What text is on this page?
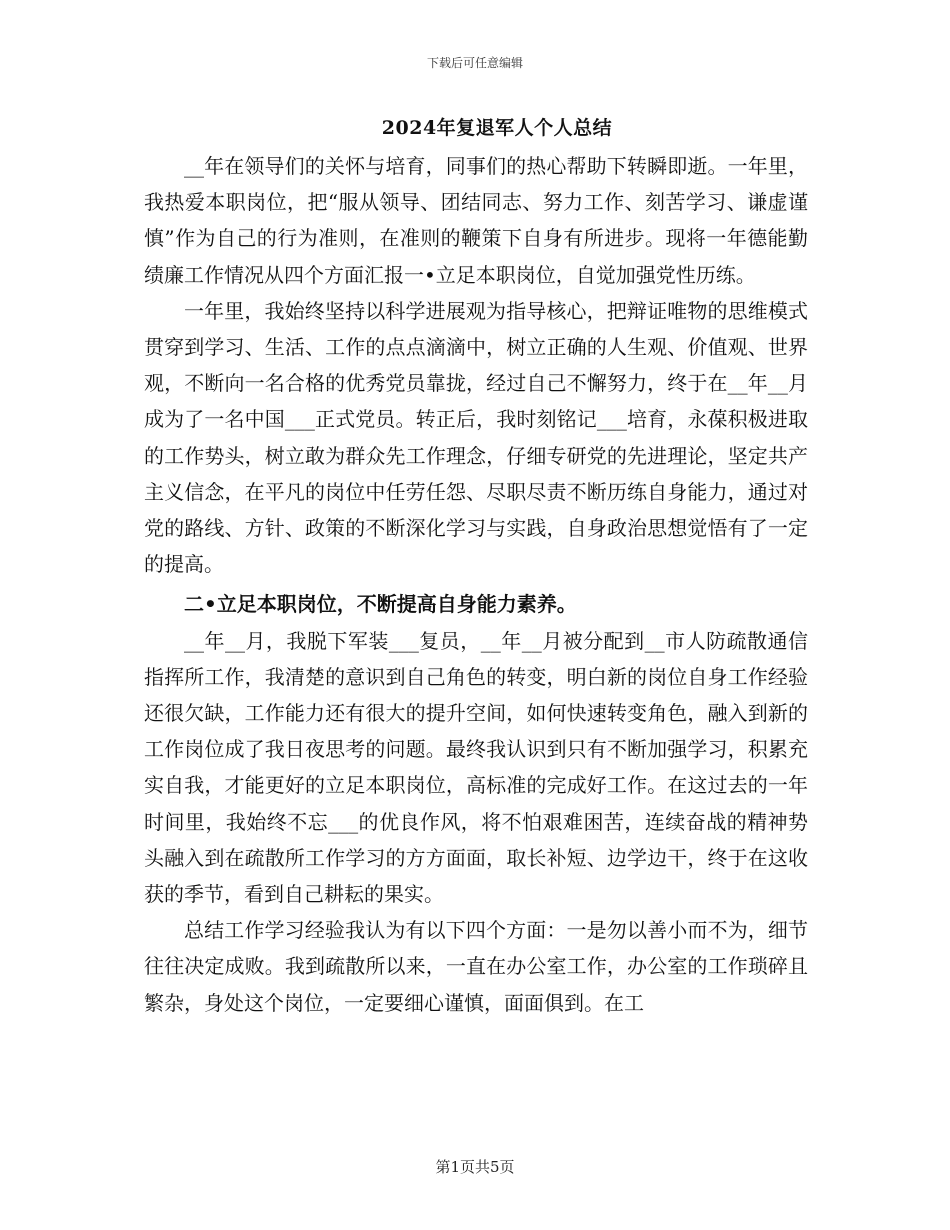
下载后可任意编辑
2024年复退军人个人总结

__年在领导们的关怀与培育，同事们的热心帮助下转瞬即逝。一年里，我热爱本职岗位，把“服从领导、团结同志、努力工作、刻苦学习、谦虚谨慎”作为自己的行为准则，在准则的鞭策下自身有所进步。现将一年德能勤绩廉工作情况从四个方面汇报一•立足本职岗位，自觉加强党性历练。

一年里，我始终坚持以科学进展观为指导核心，把辩证唯物的思维模式贯穿到学习、生活、工作的点点滴滴中，树立正确的人生观、价值观、世界观，不断向一名合格的优秀党员靠拢，经过自己不懈努力，终于在__年__月成为了一名中国___正式党员。转正后，我时刻铭记___培育，永葆积极进取的工作势头，树立敢为群众先工作理念，仔细专研党的先进理论，坚定共产主义信念，在平凡的岗位中任劳任怨、尽职尽责不断历练自身能力，通过对党的路线、方针、政策的不断深化学习与实践，自身政治思想觉悟有了一定的提高。

二•立足本职岗位，不断提高自身能力素养。

__年__月，我脱下军装___复员，__年__月被分配到__市人防疏散通信指挥所工作，我清楚的意识到自己角色的转变，明白新的岗位自身工作经验还很欠缺，工作能力还有很大的提升空间，如何快速转变角色，融入到新的工作岗位成了我日夜思考的问题。最终我认识到只有不断加强学习，积累充实自我，才能更好的立足本职岗位，高标准的完成好工作。在这过去的一年时间里，我始终不忘___的优良作风，将不怕艰难困苦，连续奋战的精神势头融入到在疏散所工作学习的方方面面，取长补短、边学边干，终于在这收获的季节，看到自己耕耘的果实。

总结工作学习经验我认为有以下四个方面：一是勿以善小而不为，细节往往决定成败。我到疏散所以来，一直在办公室工作，办公室的工作琐碎且繁杂，身处这个岗位，一定要细心谨慎，面面俱到。在工

第1页共5页
